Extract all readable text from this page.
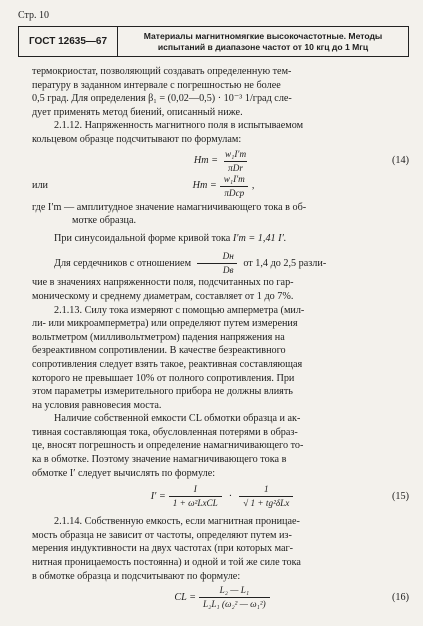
Стр. 10
ГОСТ 12635—67
Материалы магнитномягкие высокочастотные. Методы
испытаний в диапазоне частот от 10 кгц до 1 Мгц

термокриостат, позволяющий создавать определенную тем-

пературу в заданном интервале с погрешностью не более

0,5 град. Для определения β₁ = (0,02—0,5) · 10⁻³ 1/град сле-

дует применять метод биений, описанный ниже.

2.1.12. Напряженность магнитного поля в испытываемом

кольцевом образце подсчитывают по формулам:

$Hm = \frac{\text{w₁I′m}}{\text{πDr}}$	(14)
или	$Hm = \frac{\text{w₁I′m}}{\text{πDср}}$ ,

где I′m — амплитудное значение намагничивающего тока в об-

мотке образца.

При синусоидальной форме кривой тока I′m = 1,41 I′.

Для сердечников с отношением $\frac{Dн}{Dв}$ от 1,4 до 2,5 разли-

чие в значениях напряженности поля, подсчитанных по гар-

моническому и среднему диаметрам, составляет от 1 до 7%.

2.1.13. Силу тока измеряют с помощью амперметра (мил-

ли- или микроамперметра) или определяют путем измерения

вольтметром (милливольтметром) падения напряжения на

безреактивном сопротивлении. В качестве безреактивного

сопротивления следует взять такое, реактивная составляющая

которого не превышает 10% от полного сопротивления. При

этом параметры измерительного прибора не должны влиять

на условия равновесия моста.

Наличие собственной емкости CL обмотки образца и ак-

тивная составляющая тока, обусловленная потерями в образ-

це, вносят погрешность и определение намагничивающего то-

ка в обмотке. Поэтому значение намагничивающего тока в

обмотке I′ следует вычислять по формуле:

$I' = \frac{I}{\text{1 + ω²LxCL}} \cdot \frac{1}{\text{√ 1 + tg²δLx}}$	(15)

2.1.14. Собственную емкость, если магнитная проницае-

мость образца не зависит от частоты, определяют путем из-

мерения индуктивности на двух частотах (при которых маг-

нитная проницаемость постоянна) и одной и той же силе тока

в обмотке образца и подсчитывают по формуле:

CL = $\frac{\text{L₂ — L₁}}{\text{L₂L₁ (ω₂² — ω₁²)}}$	(16)
